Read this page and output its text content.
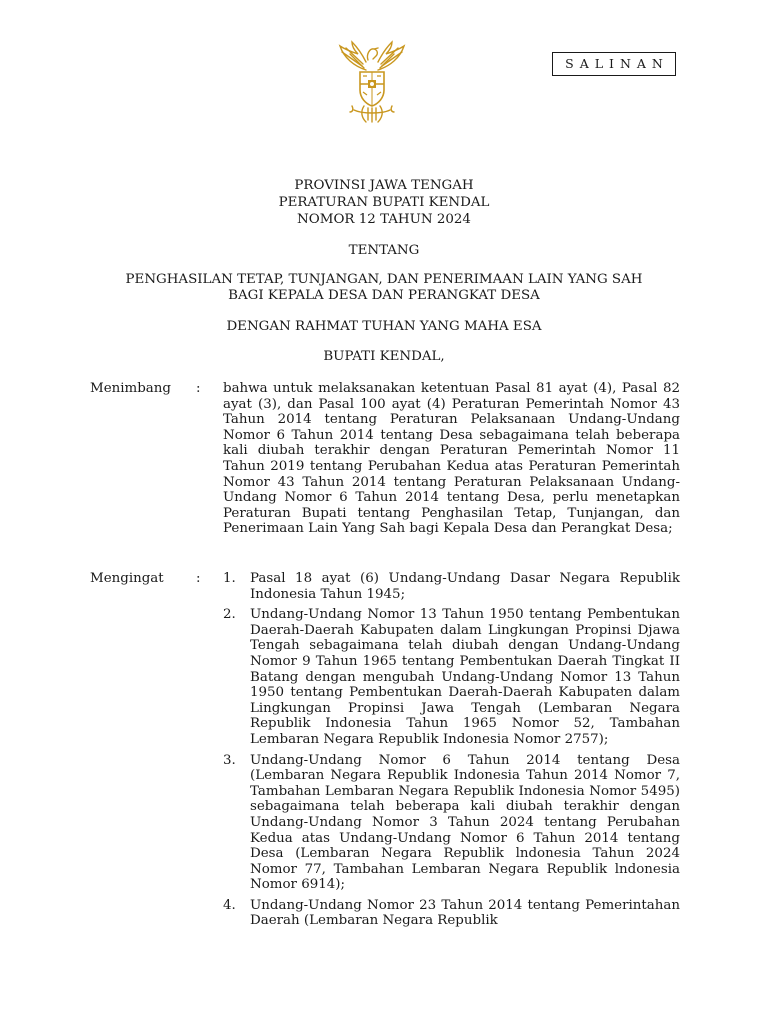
SALINAN
PROVINSI JAWA TENGAH
PERATURAN BUPATI KENDAL
NOMOR 12 TAHUN 2024
TENTANG
PENGHASILAN TETAP, TUNJANGAN, DAN PENERIMAAN LAIN YANG SAH
BAGI KEPALA DESA DAN PERANGKAT DESA
DENGAN RAHMAT TUHAN YANG MAHA ESA
BUPATI KENDAL,
Menimbang : bahwa untuk melaksanakan ketentuan Pasal 81 ayat (4), Pasal 82 ayat (3), dan Pasal 100 ayat (4) Peraturan Pemerintah Nomor 43 Tahun 2014 tentang Peraturan Pelaksanaan Undang-Undang Nomor 6 Tahun 2014 tentang Desa sebagaimana telah beberapa kali diubah terakhir dengan Peraturan Pemerintah Nomor 11 Tahun 2019 tentang Perubahan Kedua atas Peraturan Pemerintah Nomor 43 Tahun 2014 tentang Peraturan Pelaksanaan Undang-Undang Nomor 6 Tahun 2014 tentang Desa, perlu menetapkan Peraturan Bupati tentang Penghasilan Tetap, Tunjangan, dan Penerimaan Lain Yang Sah bagi Kepala Desa dan Perangkat Desa;
Mengingat : 1. Pasal 18 ayat (6) Undang-Undang Dasar Negara Republik Indonesia Tahun 1945;
2. Undang-Undang Nomor 13 Tahun 1950 tentang Pembentukan Daerah-Daerah Kabupaten dalam Lingkungan Propinsi Djawa Tengah sebagaimana telah diubah dengan Undang-Undang Nomor 9 Tahun 1965 tentang Pembentukan Daerah Tingkat II Batang dengan mengubah Undang-Undang Nomor 13 Tahun 1950 tentang Pembentukan Daerah-Daerah Kabupaten dalam Lingkungan Propinsi Jawa Tengah (Lembaran Negara Republik Indonesia Tahun 1965 Nomor 52, Tambahan Lembaran Negara Republik Indonesia Nomor 2757);
3. Undang-Undang Nomor 6 Tahun 2014 tentang Desa (Lembaran Negara Republik Indonesia Tahun 2014 Nomor 7, Tambahan Lembaran Negara Republik Indonesia Nomor 5495) sebagaimana telah beberapa kali diubah terakhir dengan Undang-Undang Nomor 3 Tahun 2024 tentang Perubahan Kedua atas Undang-Undang Nomor 6 Tahun 2014 tentang Desa (Lembaran Negara Republik lndonesia Tahun 2024 Nomor 77, Tambahan Lembaran Negara Republik lndonesia Nomor 6914);
4. Undang-Undang Nomor 23 Tahun 2014 tentang Pemerintahan Daerah (Lembaran Negara Republik
